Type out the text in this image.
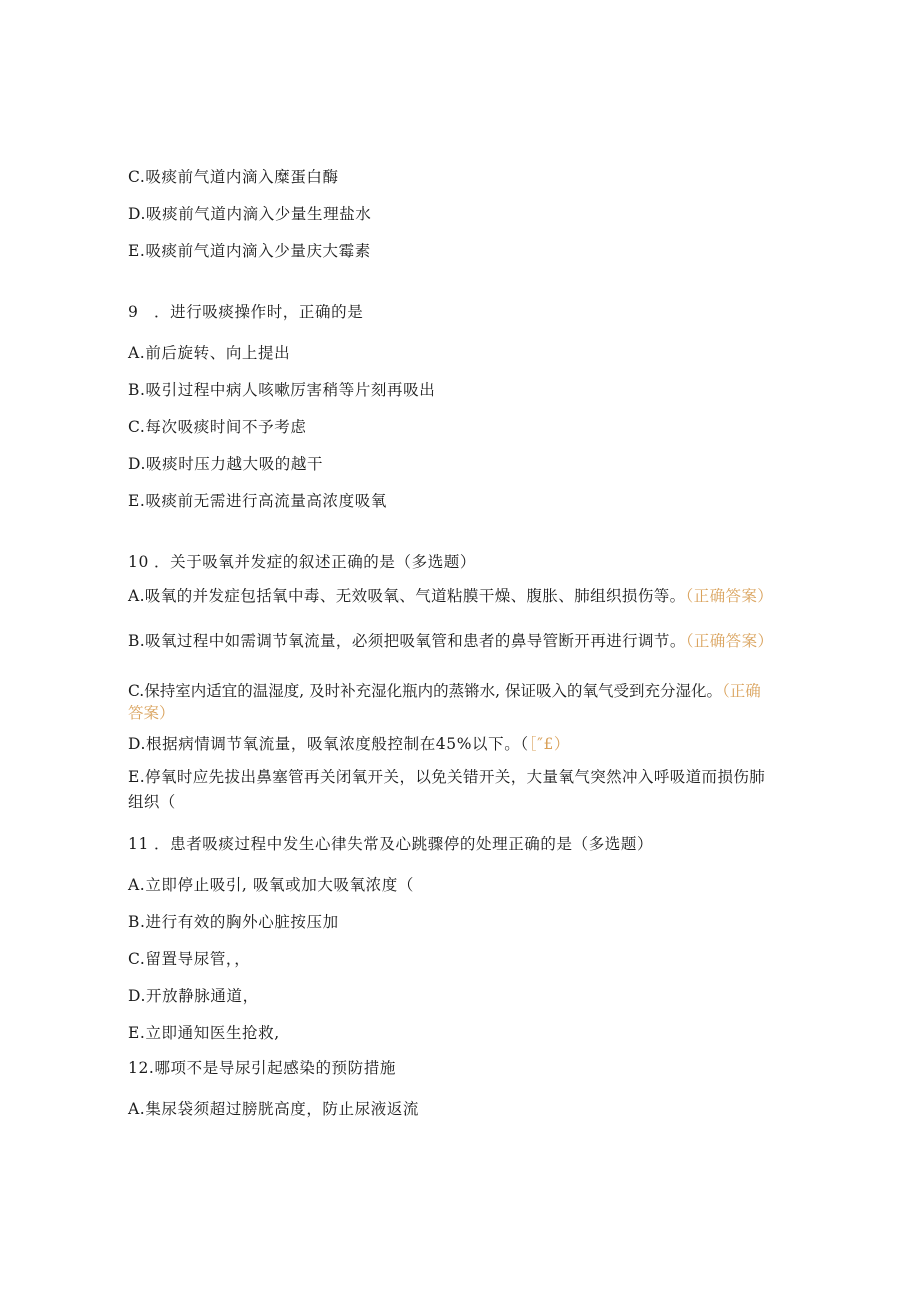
C.吸痰前气道内滴入糜蛋白酶
D.吸痰前气道内滴入少量生理盐水
E.吸痰前气道内滴入少量庆大霉素
9 ．进行吸痰操作时，正确的是
A.前后旋转、向上提出
B.吸引过程中病人咳嗽厉害稍等片刻再吸出
C.每次吸痰时间不予考虑
D.吸痰时压力越大吸的越干
E.吸痰前无需进行高流量高浓度吸氧
10 ．关于吸氧并发症的叙述正确的是（多选题）
A.吸氧的并发症包括氧中毒、无效吸氧、气道粘膜干燥、腹胀、肺组织损伤等。（正确答案）
B.吸氧过程中如需调节氧流量，必须把吸氧管和患者的鼻导管断开再进行调节。（正确答案）
C.保持室内适宜的温湿度, 及时补充湿化瓶内的蒸锵水, 保证吸入的氧气受到充分湿化。（正确答案）
D.根据病情调节氧流量，吸氧浓度般控制在45%以下。（［″£）
E.停氧时应先拔出鼻塞管再关闭氧开关，以免关错开关，大量氧气突然冲入呼吸道而损伤肺组织（
11 ．患者吸痰过程中发生心律失常及心跳骤停的处理正确的是（多选题）
A.立即停止吸引, 吸氧或加大吸氧浓度（
B.进行有效的胸外心脏按压加
C.留置导尿管，，
D.开放静脉通道，
E.立即通知医生抢救,
12.哪项不是导尿引起感染的预防措施
A.集尿袋须超过膀胱高度，防止尿液返流
